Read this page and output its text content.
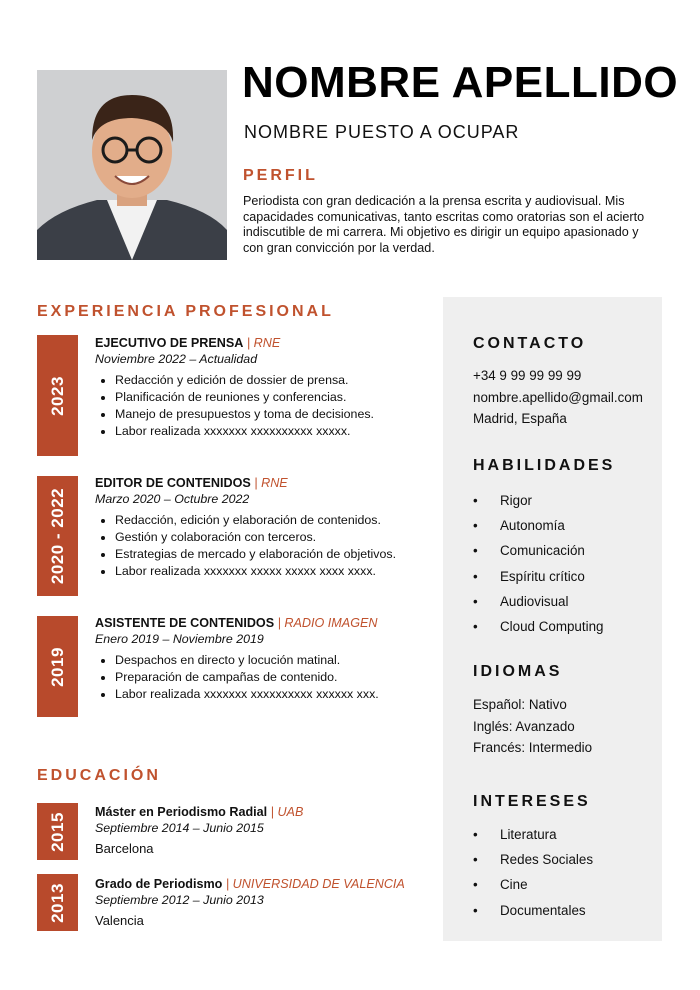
NOMBRE APELLIDO
NOMBRE PUESTO A OCUPAR
PERFIL
Periodista con gran dedicación a la prensa escrita y audiovisual. Mis capacidades comunicativas, tanto escritas como oratorias son el acierto indiscutible de mi carrera. Mi objetivo es dirigir un equipo apasionado y con gran convicción por la verdad.
EXPERIENCIA PROFESIONAL
2023
EJECUTIVO DE PRENSA | RNE
Noviembre 2022 – Actualidad
• Redacción y edición de dossier de prensa.
• Planificación de reuniones y conferencias.
• Manejo de presupuestos y toma de decisiones.
• Labor realizada xxxxxxx xxxxxxxxxx xxxxx.
2020 - 2022
EDITOR DE CONTENIDOS | RNE
Marzo 2020 – Octubre 2022
• Redacción, edición y elaboración de contenidos.
• Gestión y colaboración con terceros.
• Estrategias de mercado y elaboración de objetivos.
• Labor realizada xxxxxxx xxxxx xxxxx xxxx xxxx.
2019
ASISTENTE DE CONTENIDOS | RADIO IMAGEN
Enero 2019 – Noviembre 2019
• Despachos en directo y locución matinal.
• Preparación de campañas de contenido.
• Labor realizada xxxxxxx xxxxxxxxxx xxxxxx xxx.
EDUCACIÓN
2015 Máster en Periodismo Radial | UAB
Septiembre 2014 – Junio 2015
Barcelona
2013 Grado de Periodismo | UNIVERSIDAD DE VALENCIA
Septiembre 2012 – Junio 2013
Valencia
CONTACTO
+34 9 99 99 99 99
nombre.apellido@gmail.com
Madrid, España
HABILIDADES
• Rigor
• Autonomía
• Comunicación
• Espíritu crítico
• Audiovisual
• Cloud Computing
IDIOMAS
Español: Nativo
Inglés: Avanzado
Francés: Intermedio
INTERESES
• Literatura
• Redes Sociales
• Cine
• Documentales
